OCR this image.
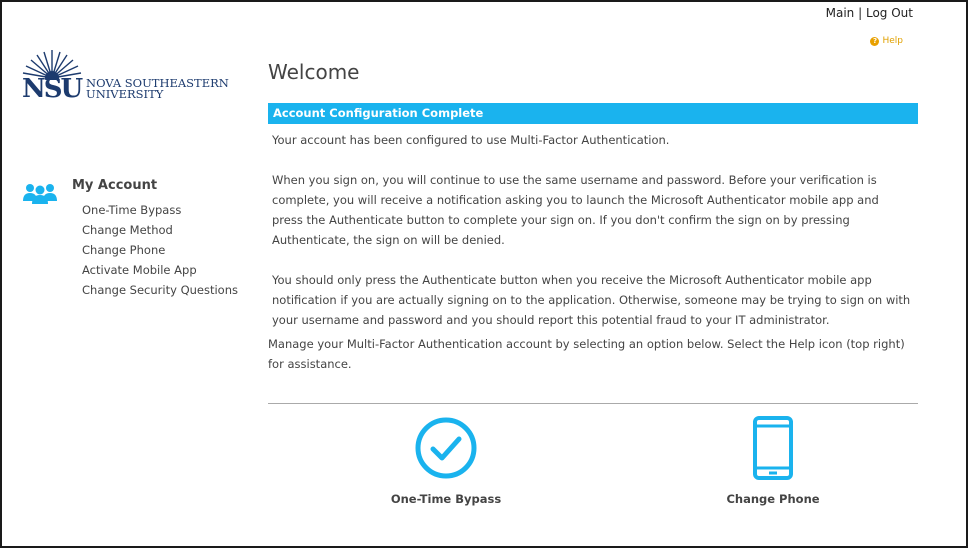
Main | Log Out
? Help
NSU NOVA SOUTHEASTERN
UNIVERSITY
My Account
One-Time Bypass
Change Method
Change Phone
Activate Mobile App
Change Security Questions
Welcome
Account Configuration Complete

Your account has been configured to use Multi-Factor Authentication.

When you sign on, you will continue to use the same username and password. Before your verification is complete, you will receive a notification asking you to launch the Microsoft Authenticator mobile app and press the Authenticate button to complete your sign on. If you don't confirm the sign on by pressing Authenticate, the sign on will be denied.

You should only press the Authenticate button when you receive the Microsoft Authenticator mobile app notification if you are actually signing on to the application. Otherwise, someone may be trying to sign on with your username and password and you should report this potential fraud to your IT administrator.

Manage your Multi-Factor Authentication account by selecting an option below. Select the Help icon (top right) for assistance.
One-Time Bypass	Change Phone
